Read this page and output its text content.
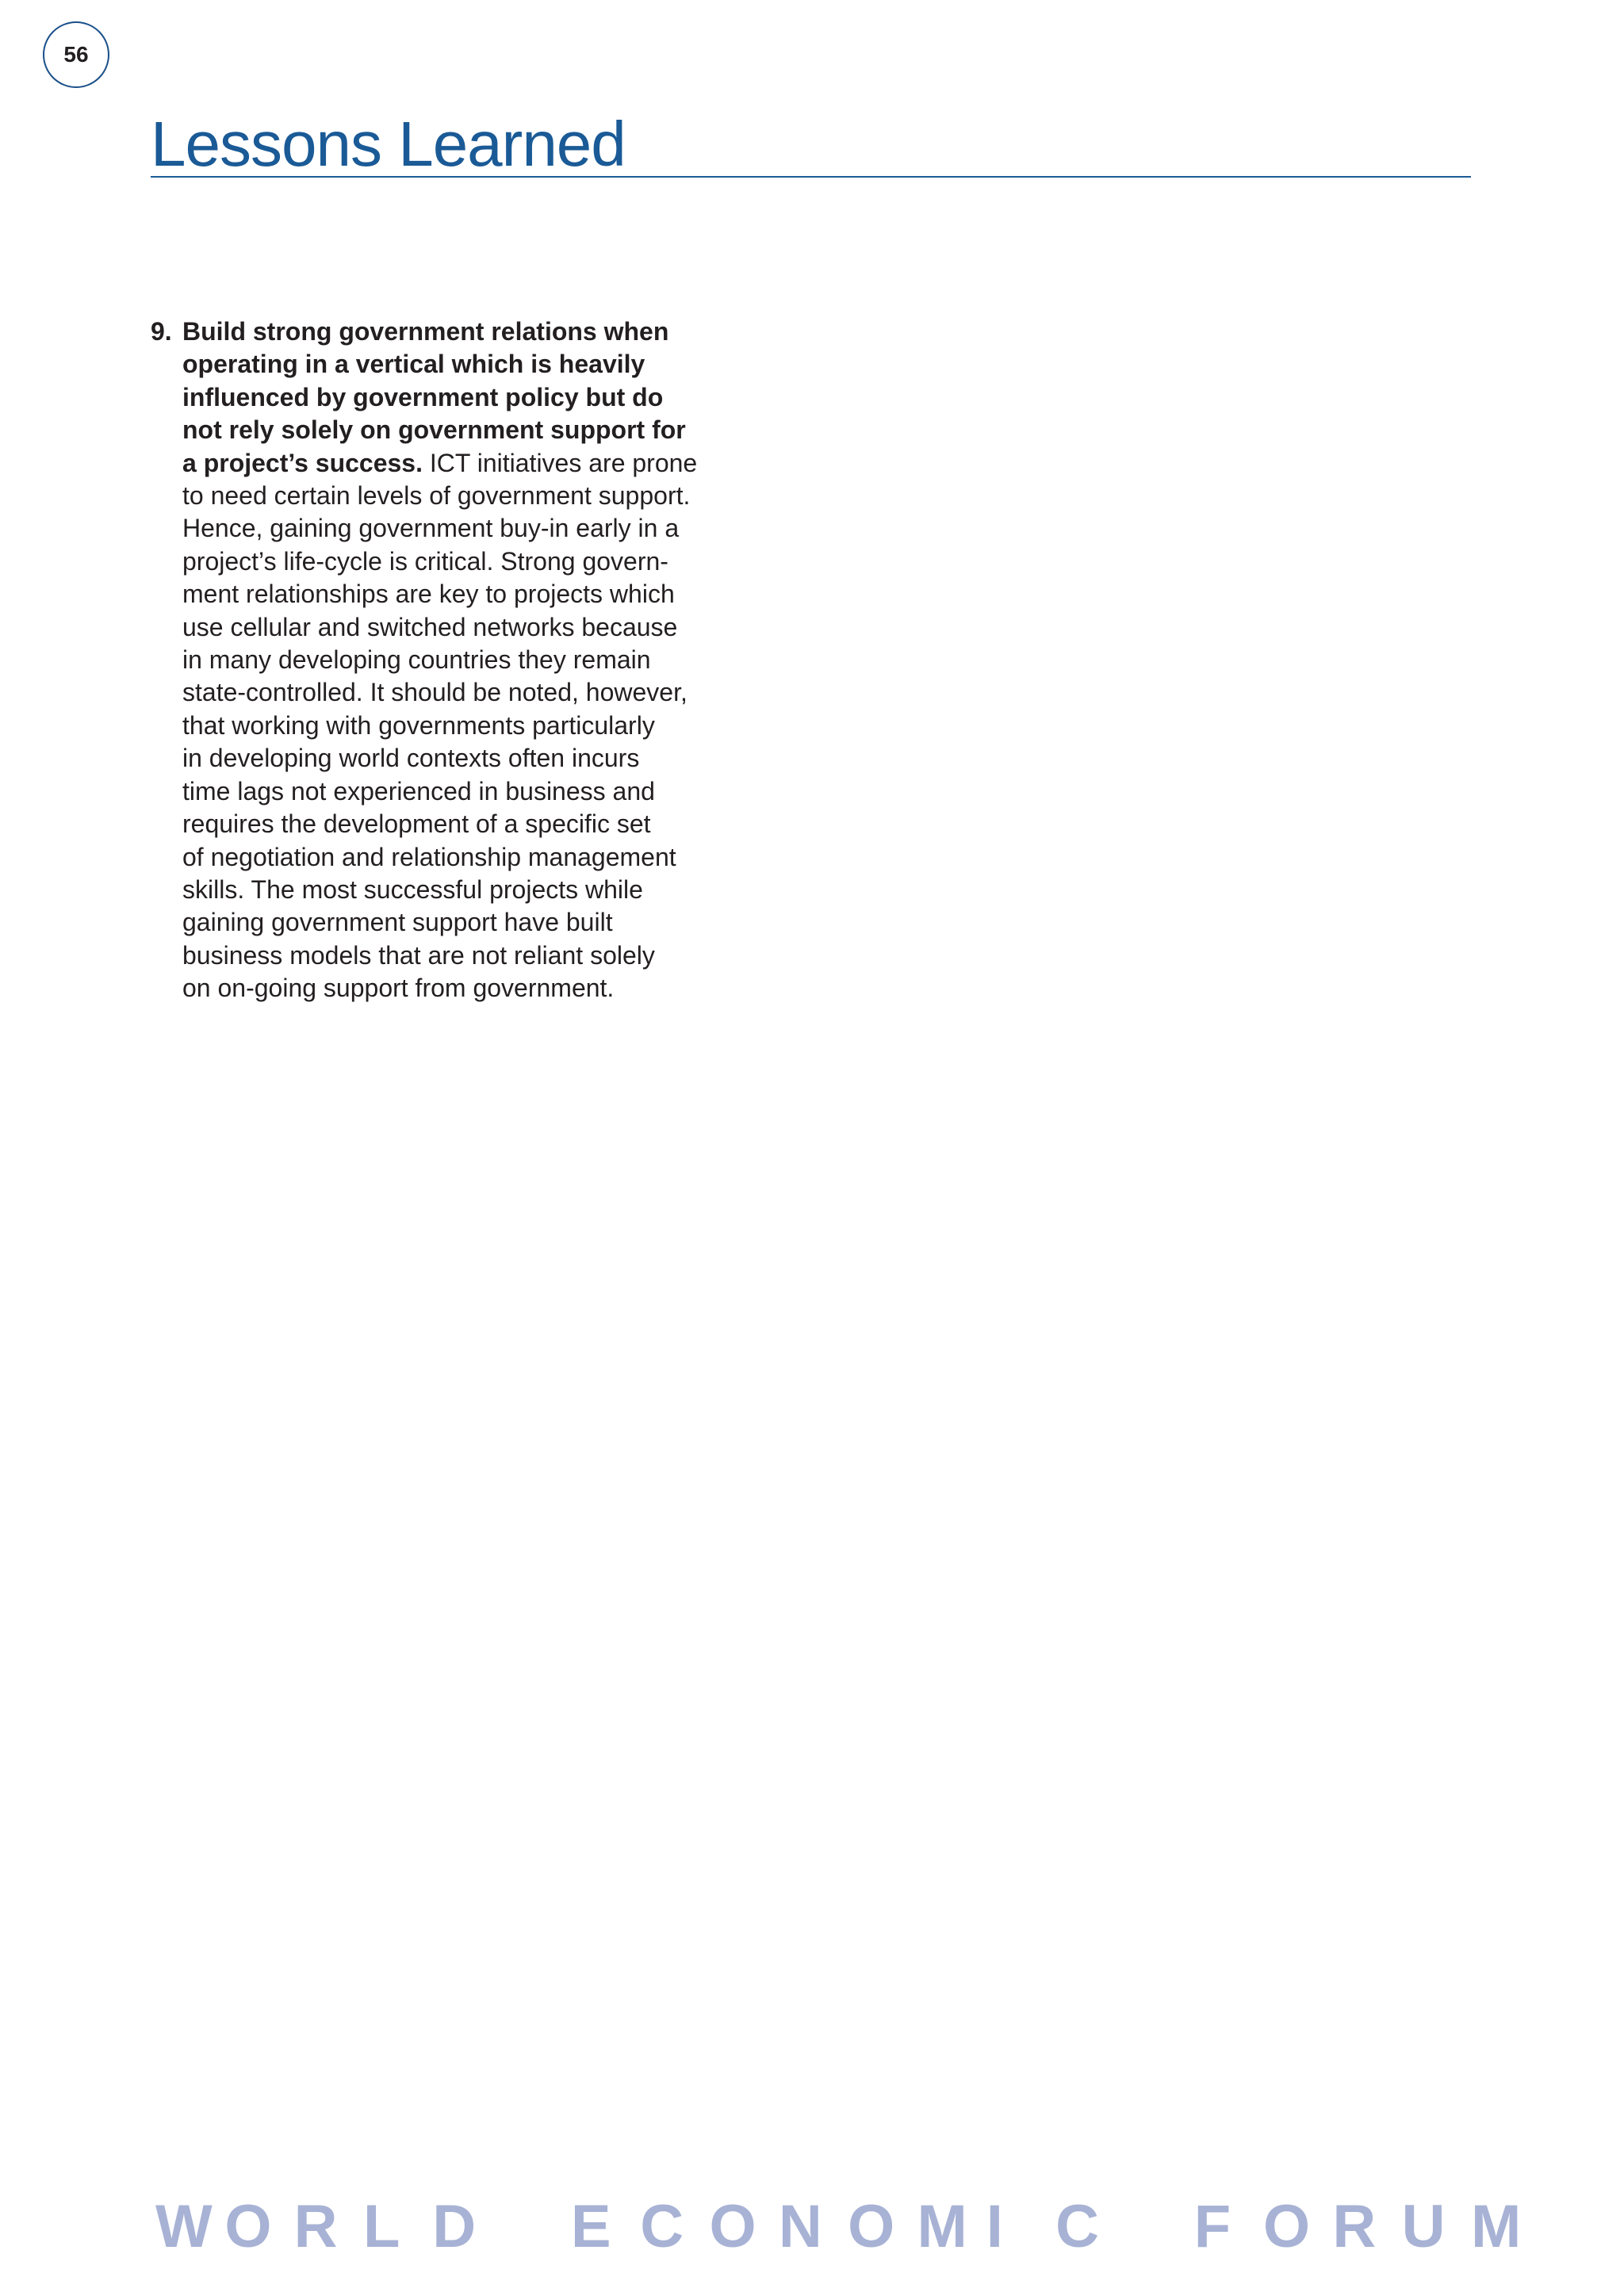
56
Lessons Learned
9. Build strong government relations when
operating in a vertical which is heavily
influenced by government policy but do
not rely solely on government support for
a project’s success. ICT initiatives are prone
to need certain levels of government support.
Hence, gaining government buy-in early in a
project’s life-cycle is critical. Strong govern-
ment relationships are key to projects which
use cellular and switched networks because
in many developing countries they remain
state-controlled. It should be noted, however,
that working with governments particularly
in developing world contexts often incurs
time lags not experienced in business and
requires the development of a specific set
of negotiation and relationship management
skills. The most successful projects while
gaining government support have built
business models that are not reliant solely
on on-going support from government.
W O R L D
E C O N O M I C
F O R U M
